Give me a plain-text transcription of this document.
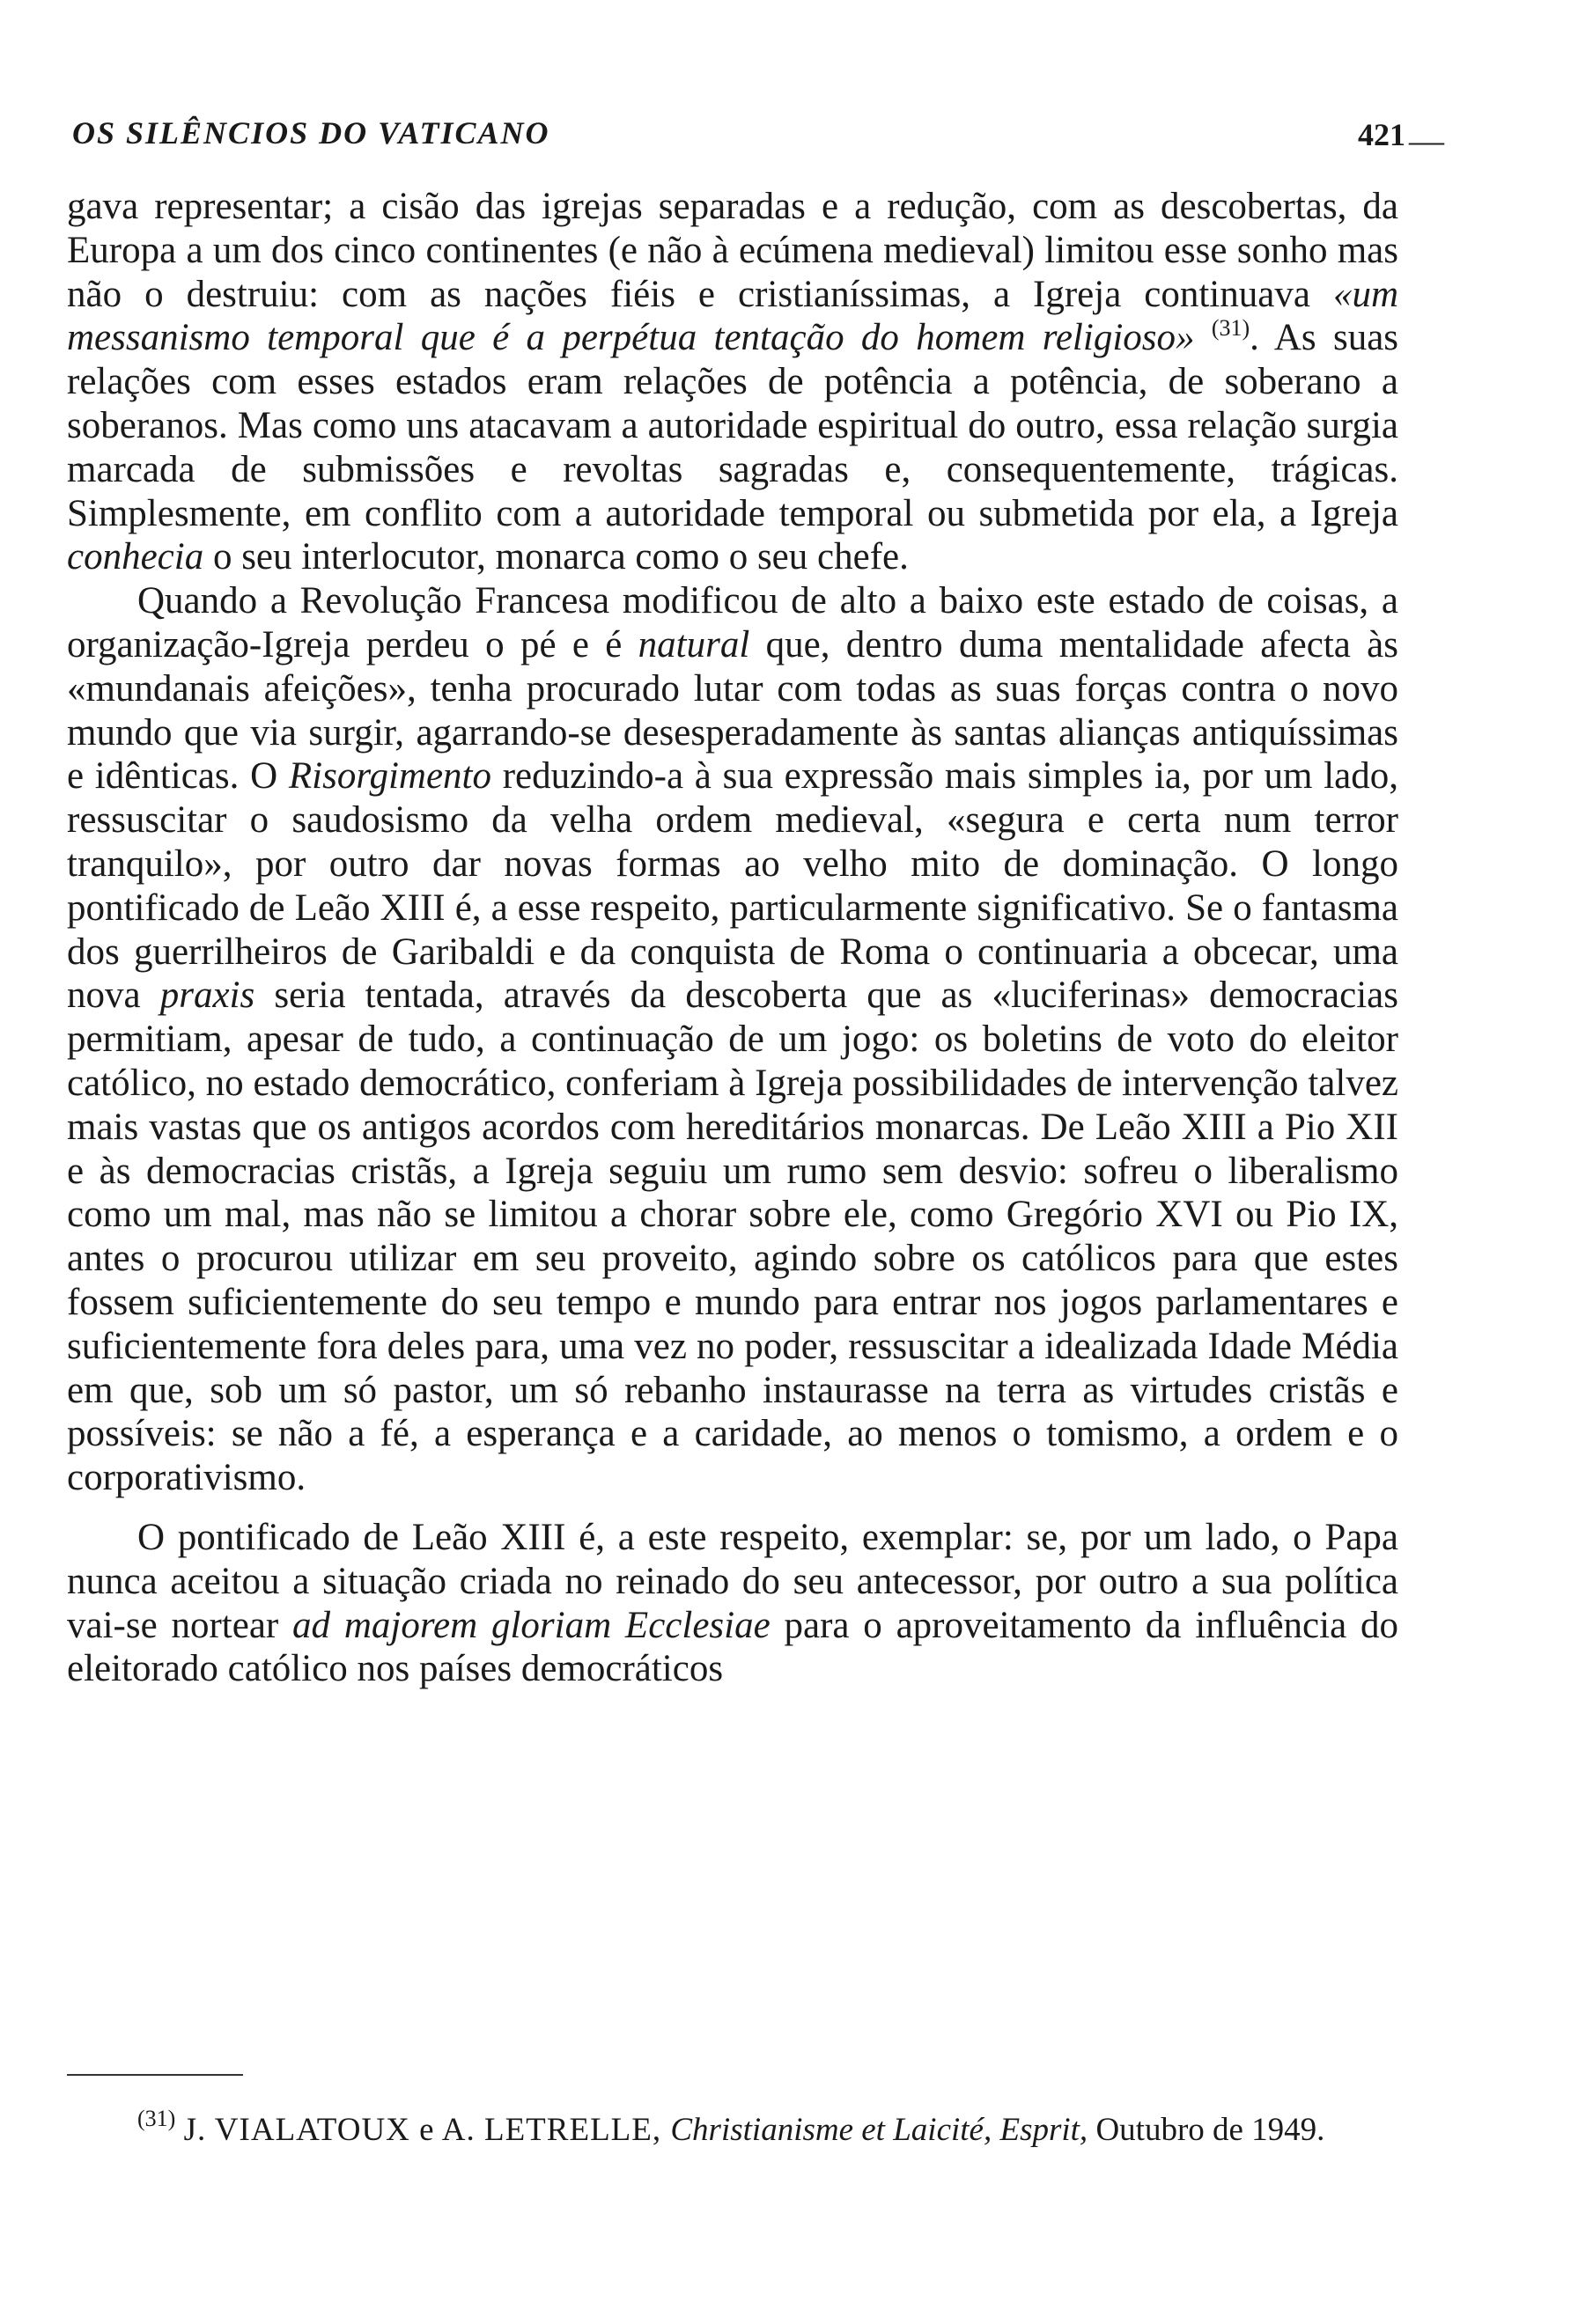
OS SILÊNCIOS DO VATICANO	421 —

gava representar; a cisão das igrejas separadas e a redução, com as descobertas, da Europa a um dos cinco continentes (e não à ecúmena medieval) limitou esse sonho mas não o destruiu: com as nações fiéis e cristianíssimas, a Igreja continuava «um messanismo temporal que é a perpétua tentação do homem religioso» $^{(31)}$. As suas relações com esses estados eram relações de potência a potência, de soberano a soberanos. Mas como uns atacavam a autoridade espiritual do outro, essa relação surgia marcada de submissões e revoltas sagradas e, consequentemente, trágicas. Simplesmente, em conflito com a autoridade temporal ou submetida por ela, a Igreja conhecia o seu interlocutor, monarca como o seu chefe.

Quando a Revolução Francesa modificou de alto a baixo este estado de coisas, a organização-Igreja perdeu o pé e é natural que, dentro duma mentalidade afecta às «mundanais afeições», tenha procurado lutar com todas as suas forças contra o novo mundo que via surgir, agarrando-se desesperadamente às santas alianças antiquíssimas e idênticas. O Risorgimento reduzindo-a à sua expressão mais simples ia, por um lado, ressuscitar o saudosismo da velha ordem medieval, «segura e certa num terror tranquilo», por outro dar novas formas ao velho mito de dominação. O longo pontificado de Leão XIII é, a esse respeito, particularmente significativo. Se o fantasma dos guerrilheiros de Garibaldi e da conquista de Roma o continuaria a obcecar, uma nova praxis seria tentada, através da descoberta que as «luciferinas» democracias permitiam, apesar de tudo, a continuação de um jogo: os boletins de voto do eleitor católico, no estado democrático, conferiam à Igreja possibilidades de intervenção talvez mais vastas que os antigos acordos com hereditários monarcas. De Leão XIII a Pio XII e às democracias cristãs, a Igreja seguiu um rumo sem desvio: sofreu o liberalismo como um mal, mas não se limitou a chorar sobre ele, como Gregório XVI ou Pio IX, antes o procurou utilizar em seu proveito, agindo sobre os católicos para que estes fossem suficientemente do seu tempo e mundo para entrar nos jogos parlamentares e suficientemente fora deles para, uma vez no poder, ressuscitar a idealizada Idade Média em que, sob um só pastor, um só rebanho instaurasse na terra as virtudes cristãs e possíveis: se não a fé, a esperança e a caridade, ao menos o tomismo, a ordem e o corporativismo.

O pontificado de Leão XIII é, a este respeito, exemplar: se, por um lado, o Papa nunca aceitou a situação criada no reinado do seu antecessor, por outro a sua política vai-se nortear ad majorem gloriam Ecclesiae para o aproveitamento da influência do eleitorado católico nos países democráticos

$^{(31)}$ J. VIALATOUX e A. LETRELLE, Christianisme et Laicité, Esprit, Outubro de 1949.
